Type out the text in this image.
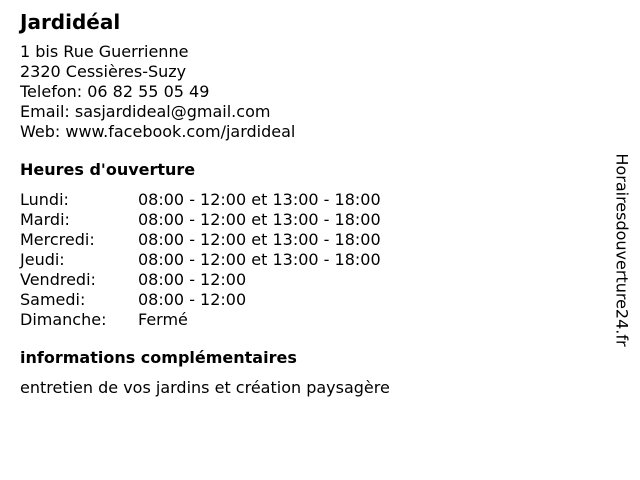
Jardidéal
1 bis Rue Guerrienne
2320 Cessières-Suzy
Telefon: 06 82 55 05 49
Email: sasjardideal@gmail.com
Web: www.facebook.com/jardideal
Heures d'ouverture
Lundi:	08:00 - 12:00 et 13:00 - 18:00
Mardi:	08:00 - 12:00 et 13:00 - 18:00
Mercredi:	08:00 - 12:00 et 13:00 - 18:00
Jeudi:	08:00 - 12:00 et 13:00 - 18:00
Vendredi:	08:00 - 12:00
Samedi:	08:00 - 12:00
Dimanche:	Fermé
informations complémentaires
entretien de vos jardins et création paysagère
Horairesdouverture24.fr
